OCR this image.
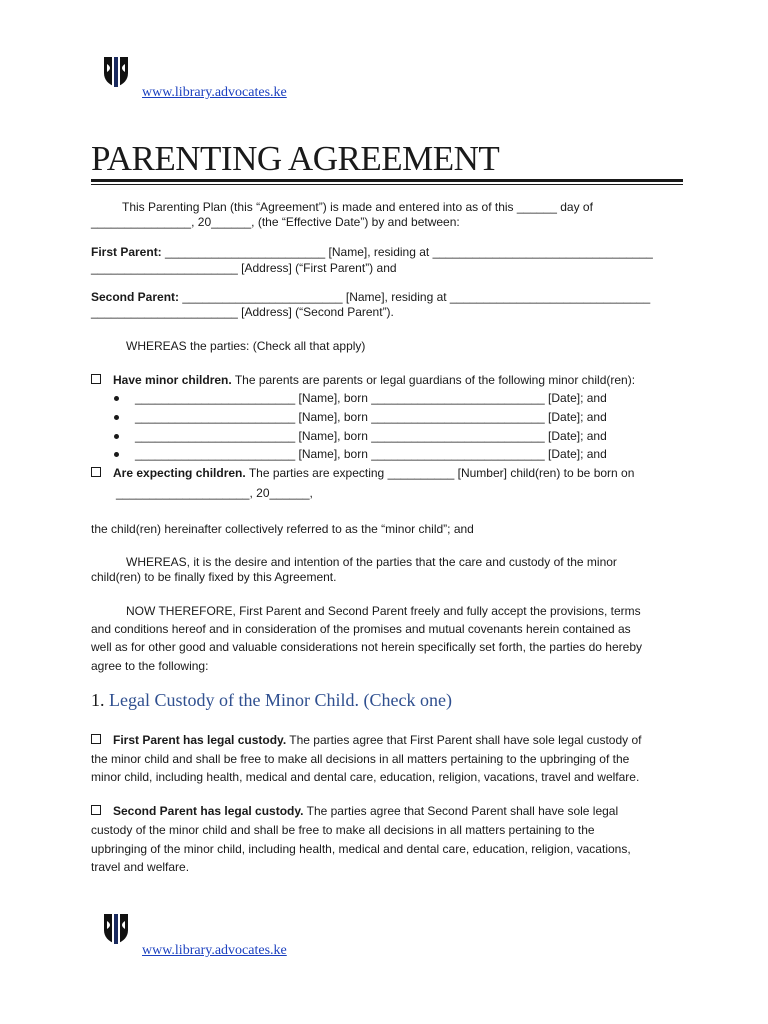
www.library.advocates.ke
PARENTING AGREEMENT
This Parenting Plan (this “Agreement”) is made and entered into as of this ______ day of
_______________, 20______, (the “Effective Date”) by and between:
First Parent: ________________________ [Name], residing at _________________________________
______________________ [Address] (“First Parent”) and
Second Parent: ________________________ [Name], residing at ______________________________
______________________ [Address] (“Second Parent”).
WHEREAS the parties: (Check all that apply)
Have minor children. The parents are parents or legal guardians of the following minor child(ren):
________________________ [Name], born __________________________ [Date]; and
________________________ [Name], born __________________________ [Date]; and
________________________ [Name], born __________________________ [Date]; and
________________________ [Name], born __________________________ [Date]; and
Are expecting children. The parties are expecting __________ [Number] child(ren) to be born on
____________________, 20______,
the child(ren) hereinafter collectively referred to as the “minor child”; and
WHEREAS, it is the desire and intention of the parties that the care and custody of the minor
child(ren) to be finally fixed by this Agreement.
NOW THEREFORE, First Parent and Second Parent freely and fully accept the provisions, terms
and conditions hereof and in consideration of the promises and mutual covenants herein contained as
well as for other good and valuable considerations not herein specifically set forth, the parties do hereby
agree to the following:
1. Legal Custody of the Minor Child. (Check one)
First Parent has legal custody. The parties agree that First Parent shall have sole legal custody of
the minor child and shall be free to make all decisions in all matters pertaining to the upbringing of the
minor child, including health, medical and dental care, education, religion, vacations, travel and welfare.
Second Parent has legal custody. The parties agree that Second Parent shall have sole legal
custody of the minor child and shall be free to make all decisions in all matters pertaining to the
upbringing of the minor child, including health, medical and dental care, education, religion, vacations,
travel and welfare.
www.library.advocates.ke
